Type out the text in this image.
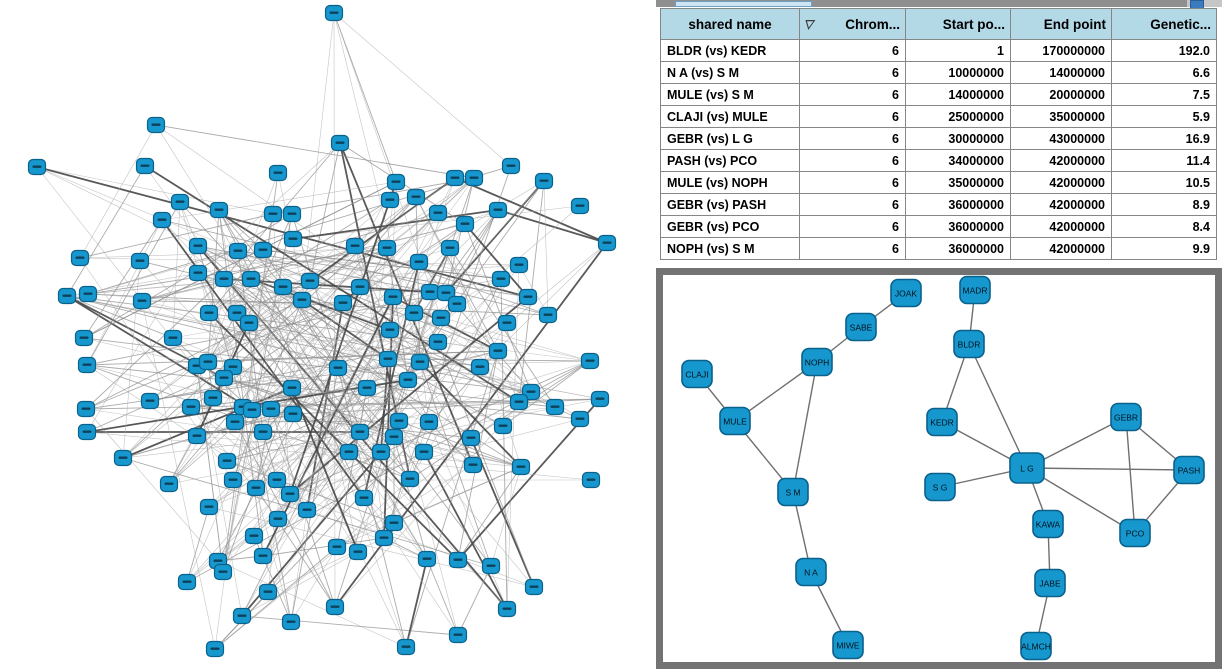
shared name	▽ Chrom...	Start po...	End point	Genetic...
BLDR (vs) KEDR	6	1	170000000	192.0
N A (vs) S M	6	10000000	14000000	6.6
MULE (vs) S M	6	14000000	20000000	7.5
CLAJI (vs) MULE	6	25000000	35000000	5.9
GEBR (vs) L G	6	30000000	43000000	16.9
PASH (vs) PCO	6	34000000	42000000	11.4
MULE (vs) NOPH	6	35000000	42000000	10.5
GEBR (vs) PASH	6	36000000	42000000	8.9
GEBR (vs) PCO	6	36000000	42000000	8.4
NOPH (vs) S M	6	36000000	42000000	9.9
JOAK
SABE
NOPH
CLAJI
MULE
S M
N A
MIWE
MADR
BLDR
KEDR
S G
L G
KAWA
JABE
ALMCH
GEBR
PASH
PCO
